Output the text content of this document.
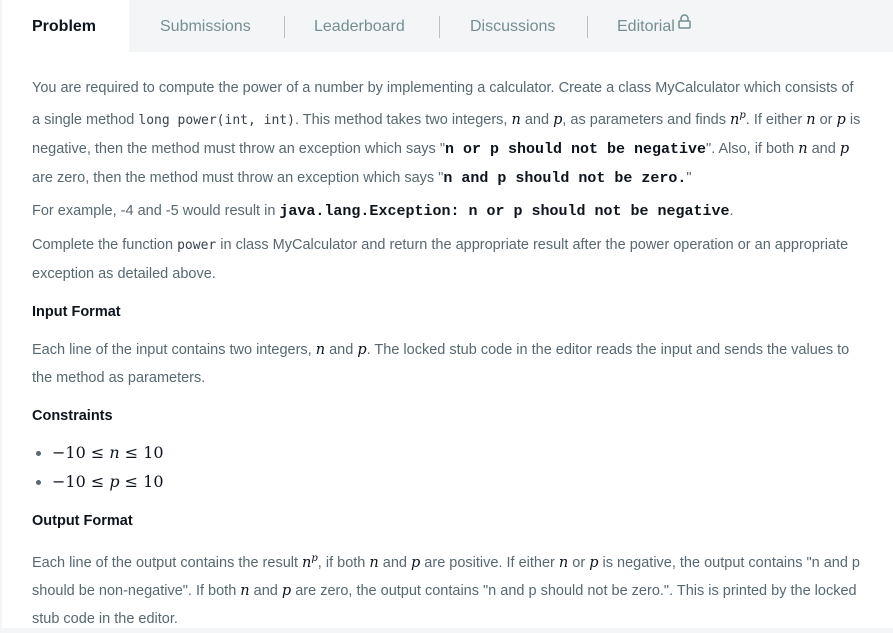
Problem	Submissions	Leaderboard	Discussions	Editorial

You are required to compute the power of a number by implementing a calculator. Create a class MyCalculator which consists of a single method long power(int, int). This method takes two integers, n and p, as parameters and finds $n^p$. If either n or p is negative, then the method must throw an exception which says "n or p should not be negative". Also, if both n and p are zero, then the method must throw an exception which says "n and p should not be zero."

For example, -4 and -5 would result in java.lang.Exception: n or p should not be negative.

Complete the function power in class MyCalculator and return the appropriate result after the power operation or an appropriate exception as detailed above.

Input Format

Each line of the input contains two integers, n and p. The locked stub code in the editor reads the input and sends the values to the method as parameters.

Constraints
−10 ≤ n ≤ 10
−10 ≤ p ≤ 10
Output Format

Each line of the output contains the result $n^p$, if both n and p are positive. If either n or p is negative, the output contains "n and p should be non-negative". If both n and p are zero, the output contains "n and p should not be zero.". This is printed by the locked stub code in the editor.
